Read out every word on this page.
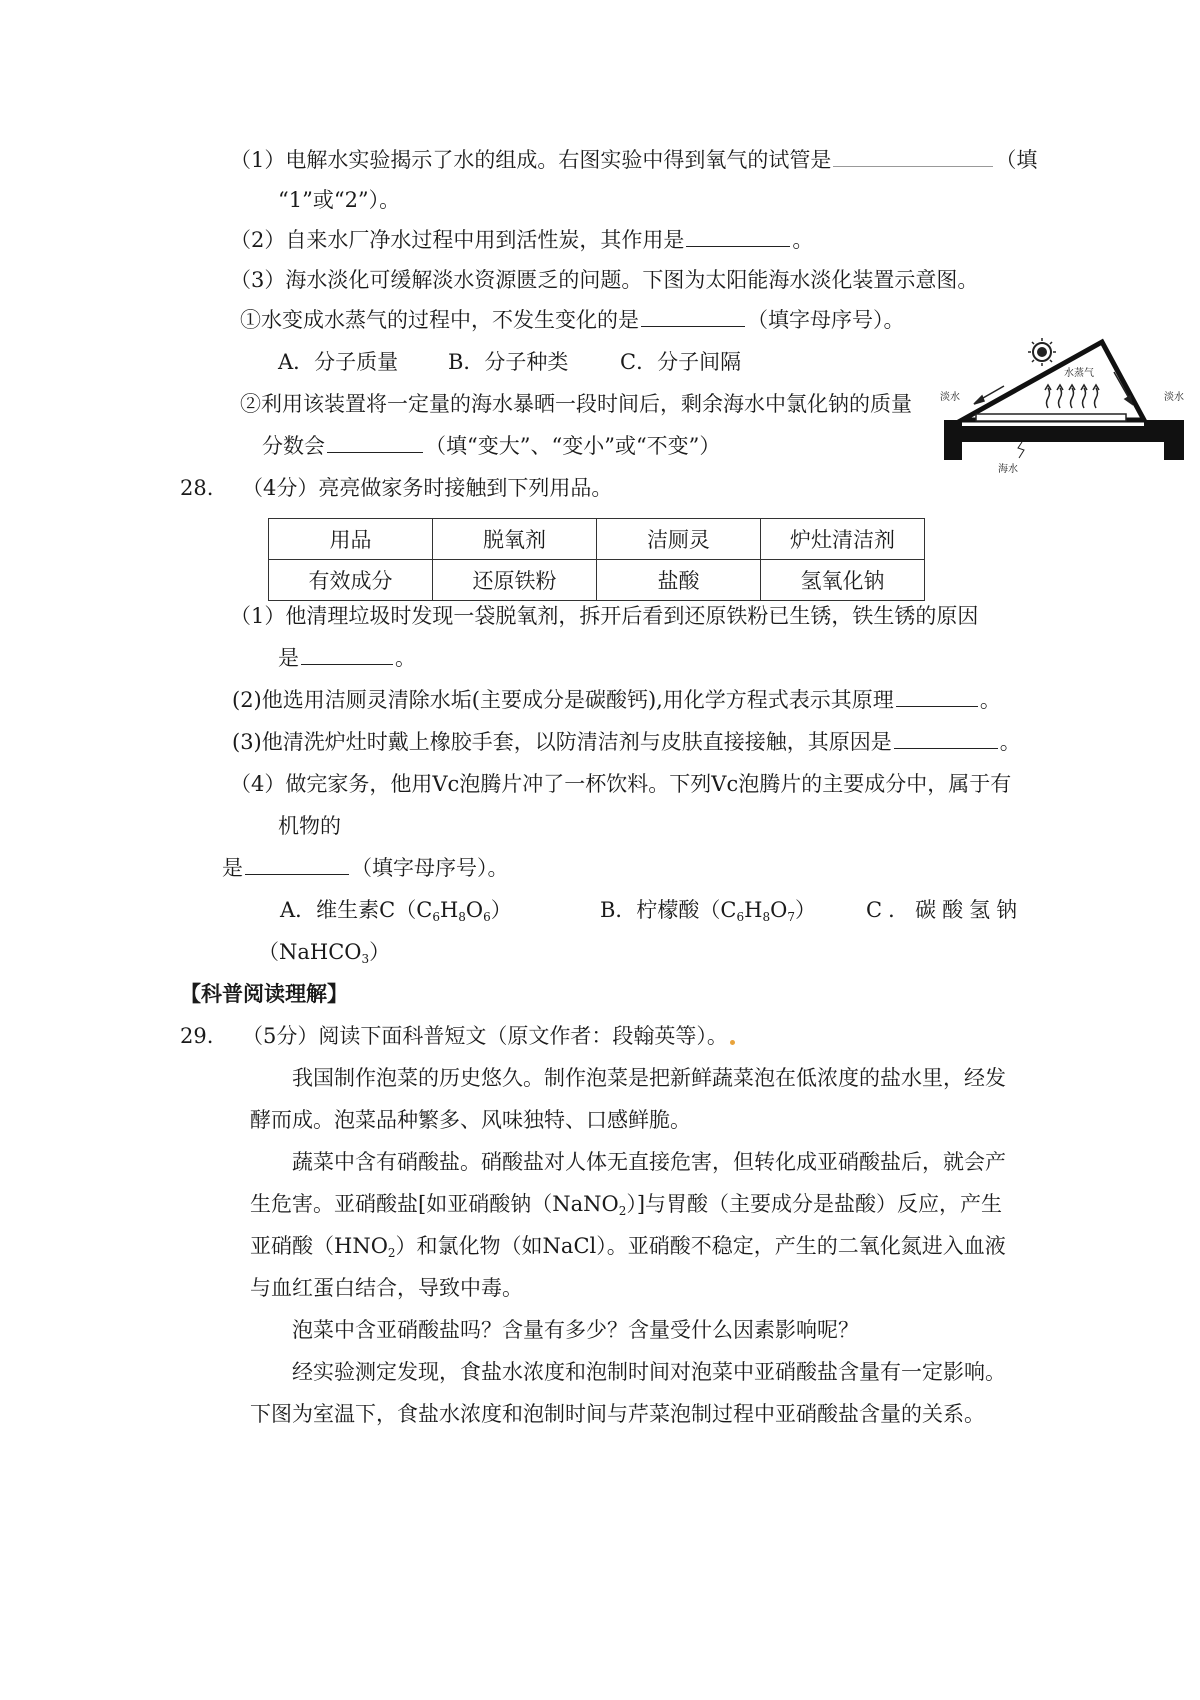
（1）电解水实验揭示了水的组成。右图实验中得到氧气的试管是	（填
“1”或“2”）。
（2）自来水厂净水过程中用到活性炭，其作用是	。
（3）海水淡化可缓解淡水资源匮乏的问题。下图为太阳能海水淡化装置示意图。
①水变成水蒸气的过程中，不发生变化的是	（填字母序号）。
A．分子质量 B．分子种类 C．分子间隔
②利用该装置将一定量的海水暴晒一段时间后，剩余海水中氯化钠的质量
分数会	（填“变大”、“变小”或“不变”）
淡水
水蒸气
淡水
海水
28. （4分）亮亮做家务时接触到下列用品。
用品	脱氧剂	洁厕灵	炉灶清洁剂
有效成分	还原铁粉	盐酸	氢氧化钠
（1）他清理垃圾时发现一袋脱氧剂，拆开后看到还原铁粉已生锈，铁生锈的原因
是	。
(2)他选用洁厕灵清除水垢(主要成分是碳酸钙),用化学方程式表示其原理	。
(3)他清洗炉灶时戴上橡胶手套，以防清洁剂与皮肤直接接触，其原因是	。
（4）做完家务，他用Vc泡腾片冲了一杯饮料。下列Vc泡腾片的主要成分中，属于有
机物的
是	（填字母序号）。
A．维生素$C(C_6H_8O_6)$	B．柠檬酸$(C_6H_8O_7)$ C．碳酸氢钠
（NaHCO$_3$）
【科普阅读理解】
29. （5分）阅读下面科普短文（原文作者：段翰英等）。
我国制作泡菜的历史悠久。制作泡菜是把新鲜蔬菜泡在低浓度的盐水里，经发
酵而成。泡菜品种繁多、风味独特、口感鲜脆。
蔬菜中含有硝酸盐。硝酸盐对人体无直接危害，但转化成亚硝酸盐后，就会产
生危害。亚硝酸盐[如亚硝酸钠（NaNO$_2$）]与胃酸（主要成分是盐酸）反应，产生
亚硝酸$(HNO_2)$和氯化物（如NaCl）。亚硝酸不稳定，产生的二氧化氮进入血液
与血红蛋白结合，导致中毒。
泡菜中含亚硝酸盐吗？含量有多少？含量受什么因素影响呢？
经实验测定发现，食盐水浓度和泡制时间对泡菜中亚硝酸盐含量有一定影响。
下图为室温下，食盐水浓度和泡制时间与芹菜泡制过程中亚硝酸盐含量的关系。
